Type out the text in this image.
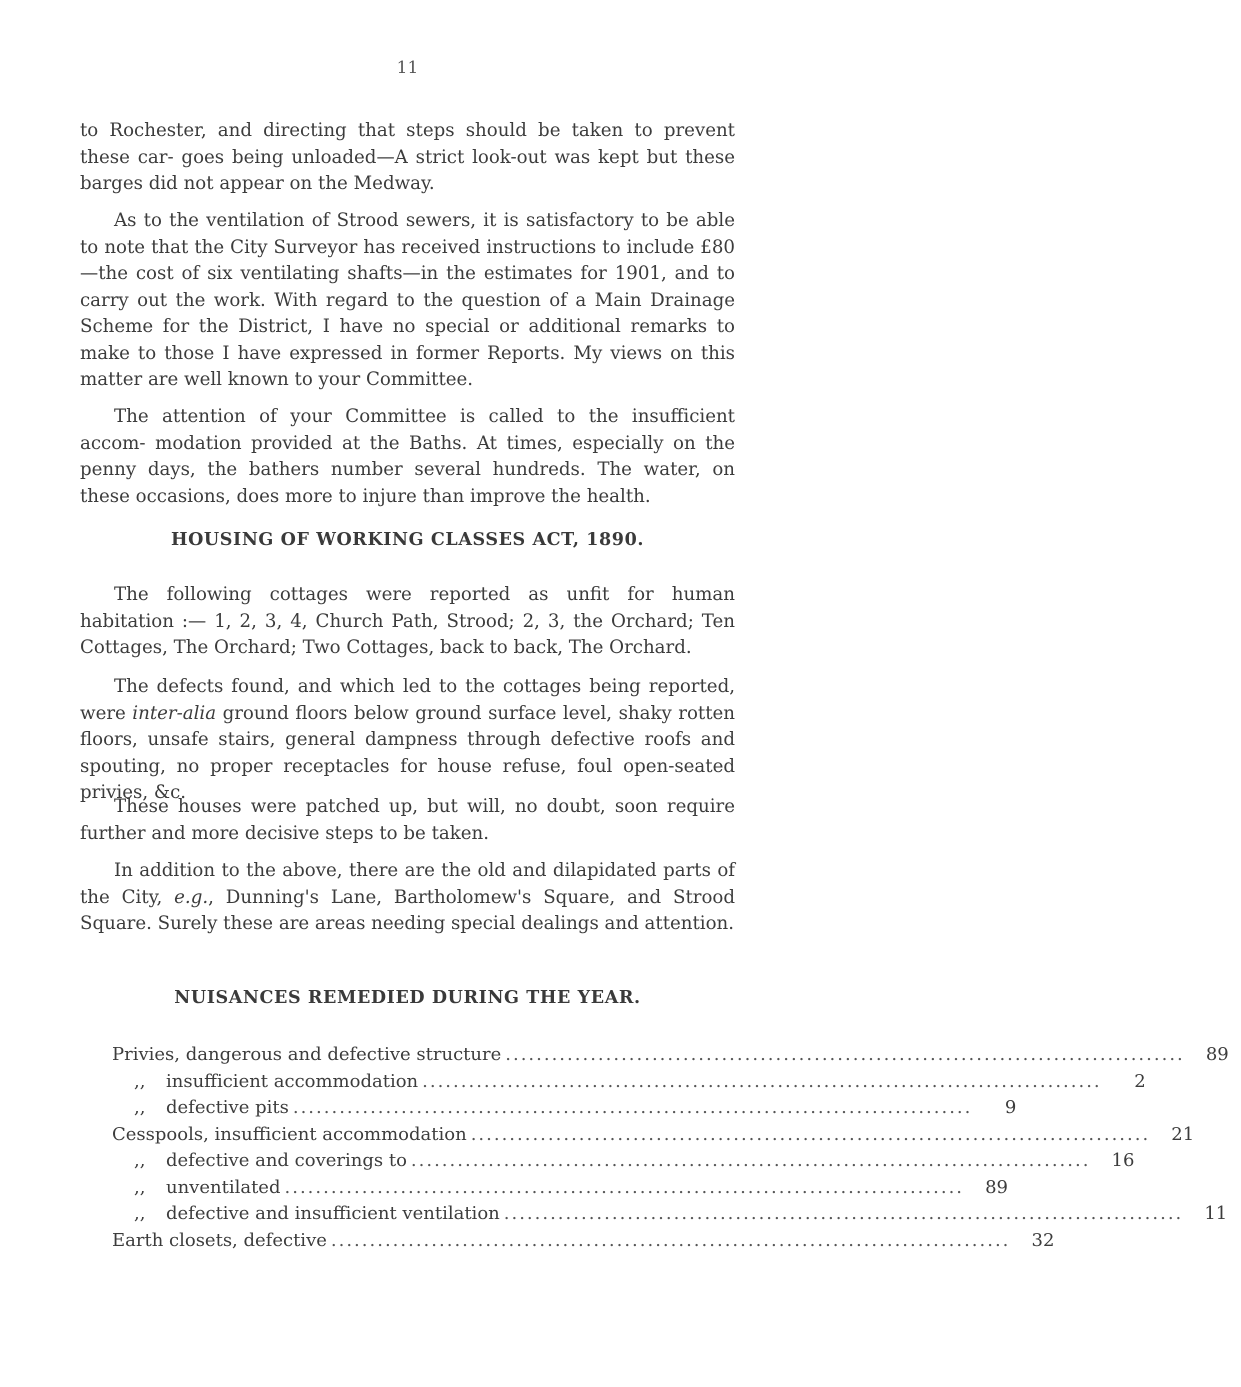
11

to Rochester, and directing that steps should be taken to prevent these car- goes being unloaded—A strict look-out was kept but these barges did not appear on the Medway.

As to the ventilation of Strood sewers, it is satisfactory to be able to note that the City Surveyor has received instructions to include £80—the cost of six ventilating shafts—in the estimates for 1901, and to carry out the work. With regard to the question of a Main Drainage Scheme for the District, I have no special or additional remarks to make to those I have expressed in former Reports. My views on this matter are well known to your Committee.

The attention of your Committee is called to the insufficient accom- modation provided at the Baths. At times, especially on the penny days, the bathers number several hundreds. The water, on these occasions, does more to injure than improve the health.

HOUSING OF WORKING CLASSES ACT, 1890.

The following cottages were reported as unfit for human habitation :— 1, 2, 3, 4, Church Path, Strood; 2, 3, the Orchard; Ten Cottages, The Orchard; Two Cottages, back to back, The Orchard.

The defects found, and which led to the cottages being reported, were inter-alia ground floors below ground surface level, shaky rotten floors, unsafe stairs, general dampness through defective roofs and spouting, no proper receptacles for house refuse, foul open-seated privies, &c.

These houses were patched up, but will, no doubt, soon require further and more decisive steps to be taken.

In addition to the above, there are the old and dilapidated parts of the City, e.g., Dunning's Lane, Bartholomew's Square, and Strood Square. Surely these are areas needing special dealings and attention.

NUISANCES REMEDIED DURING THE YEAR.
Privies, dangerous and defective structure ........................................................................................	89
,, insufficient accommodation ........................................................................................	2
,, defective pits ........................................................................................	9
Cesspools, insufficient accommodation ........................................................................................	21
,, defective and coverings to ........................................................................................	16
,, unventilated ........................................................................................	89
,, defective and insufficient ventilation ........................................................................................	11
Earth closets, defective ........................................................................................	32
